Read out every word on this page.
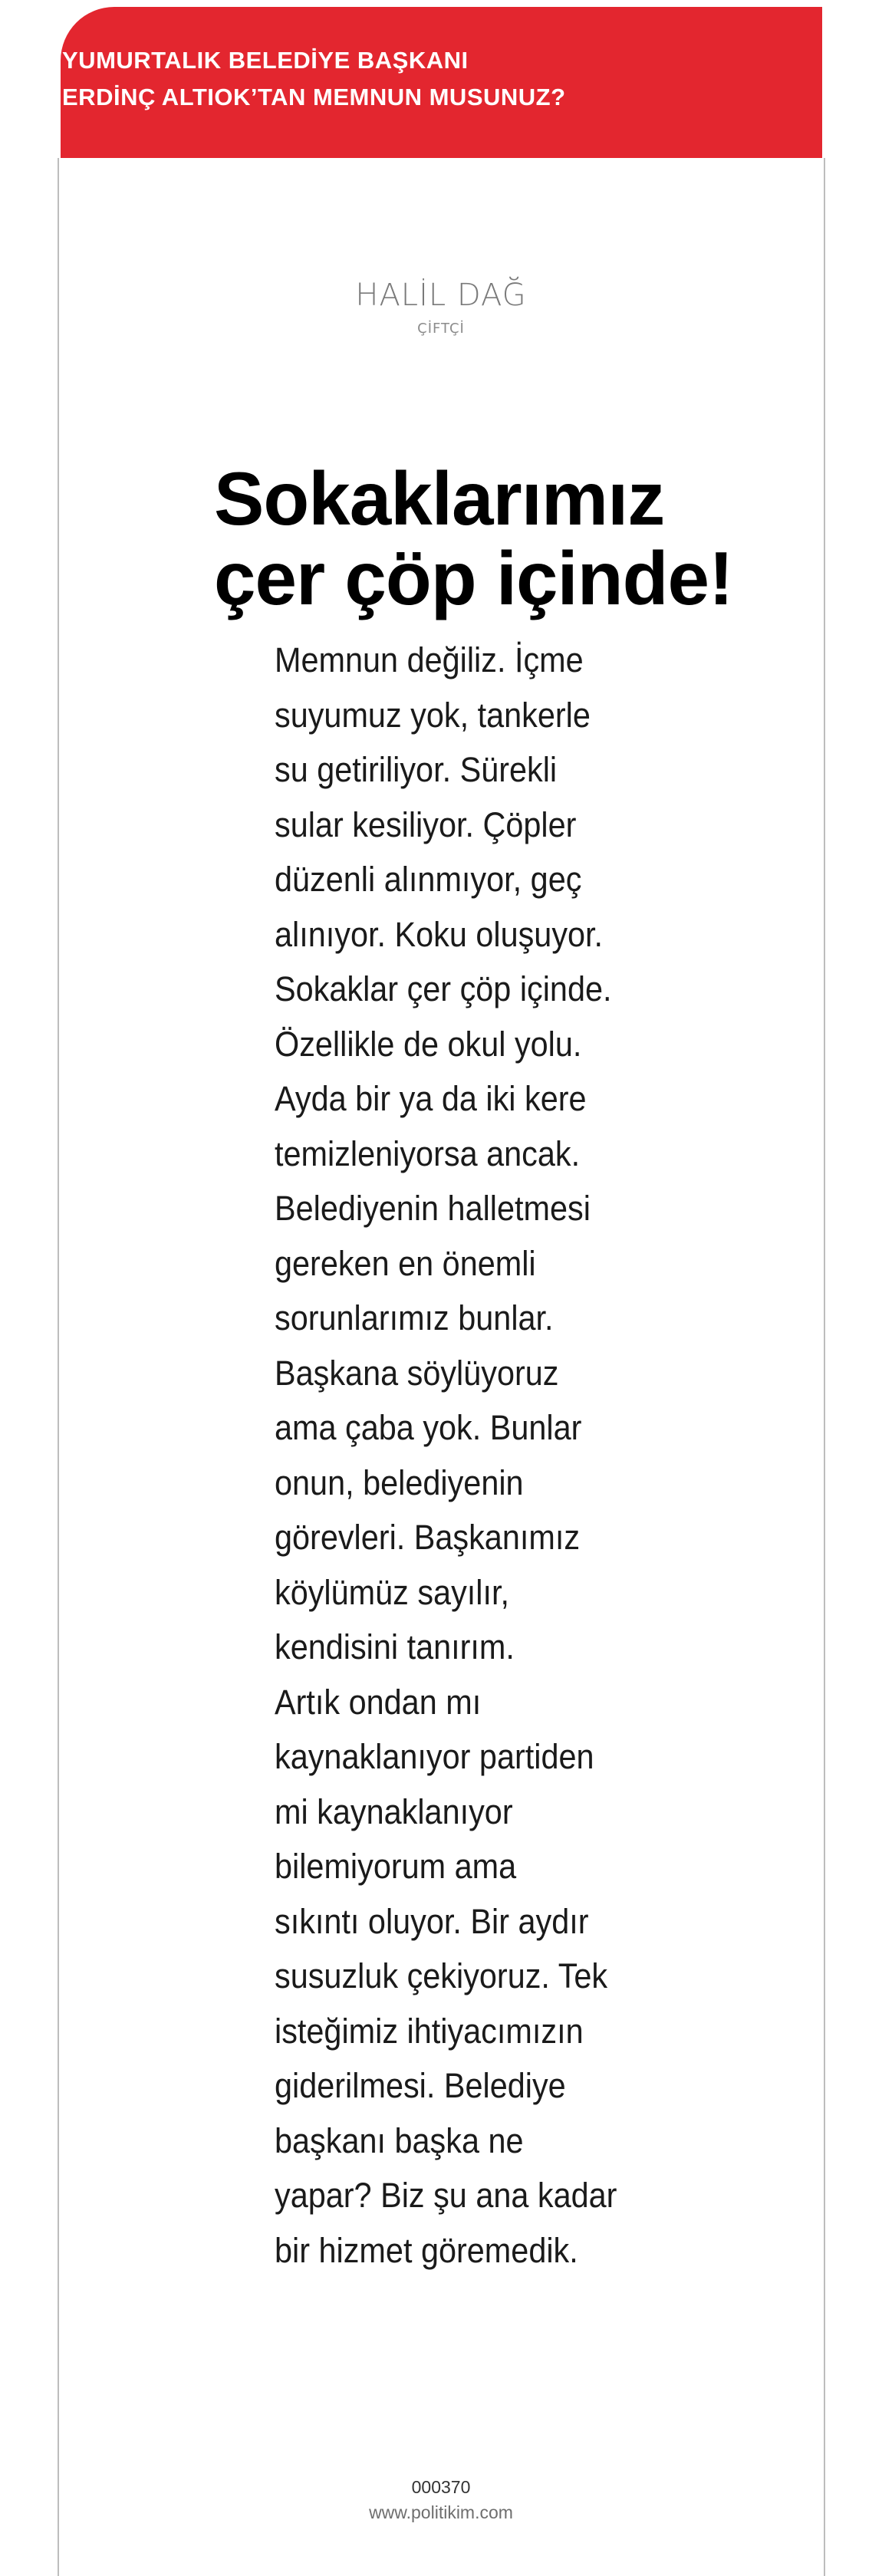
YUMURTALIK BELEDİYE BAŞKANI
ERDİNÇ ALTIOK’TAN MEMNUN MUSUNUZ?
HALİL DAĞ
ÇİFTÇİ
Sokaklarımız
çer çöp içinde!
Memnun değiliz. İçme
suyumuz yok, tankerle
su getiriliyor. Sürekli
sular kesiliyor. Çöpler
düzenli alınmıyor, geç
alınıyor. Koku oluşuyor.
Sokaklar çer çöp içinde.
Özellikle de okul yolu.
Ayda bir ya da iki kere
temizleniyorsa ancak.
Belediyenin halletmesi
gereken en önemli
sorunlarımız bunlar.
Başkana söylüyoruz
ama çaba yok. Bunlar
onun, belediyenin
görevleri. Başkanımız
köylümüz sayılır,
kendisini tanırım.
Artık ondan mı
kaynaklanıyor partiden
mi kaynaklanıyor
bilemiyorum ama
sıkıntı oluyor. Bir aydır
susuzluk çekiyoruz. Tek
isteğimiz ihtiyacımızın
giderilmesi. Belediye
başkanı başka ne
yapar? Biz şu ana kadar
bir hizmet göremedik.
000370
www.politikim.com
